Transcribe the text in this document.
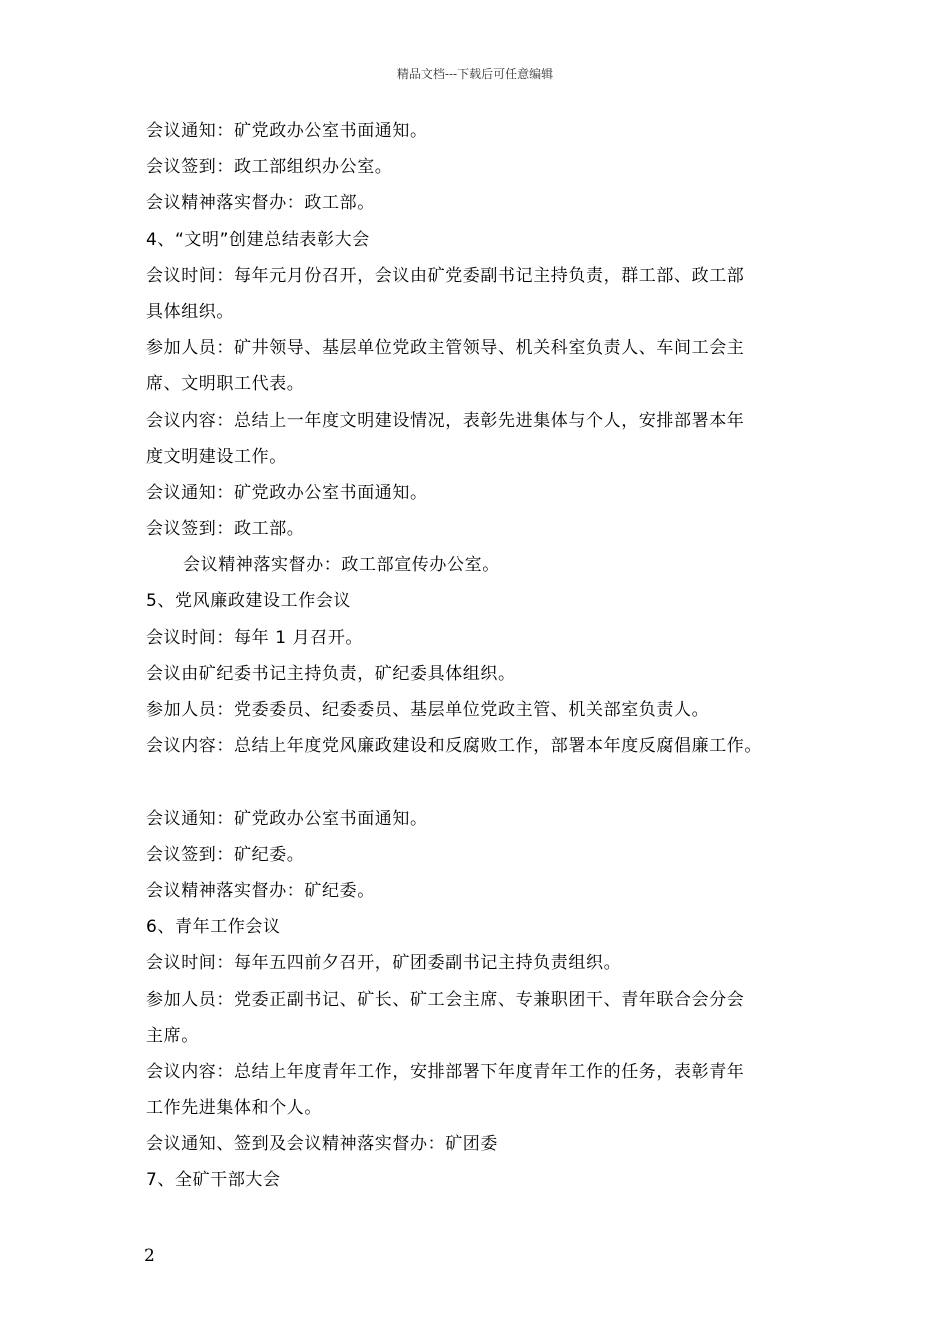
精品文档---下载后可任意编辑
会议通知：矿党政办公室书面通知。
会议签到：政工部组织办公室。
会议精神落实督办：政工部。
4、“文明”创建总结表彰大会
会议时间：每年元月份召开，会议由矿党委副书记主持负责，群工部、政工部
具体组织。
参加人员：矿井领导、基层单位党政主管领导、机关科室负责人、车间工会主
席、文明职工代表。
会议内容：总结上一年度文明建设情况，表彰先进集体与个人，安排部署本年
度文明建设工作。
会议通知：矿党政办公室书面通知。
会议签到：政工部。
会议精神落实督办：政工部宣传办公室。
5、党风廉政建设工作会议
会议时间：每年 1 月召开。
会议由矿纪委书记主持负责，矿纪委具体组织。
参加人员：党委委员、纪委委员、基层单位党政主管、机关部室负责人。
会议内容：总结上年度党风廉政建设和反腐败工作，部署本年度反腐倡廉工作。
会议通知：矿党政办公室书面通知。
会议签到：矿纪委。
会议精神落实督办：矿纪委。
6、青年工作会议
会议时间：每年五四前夕召开，矿团委副书记主持负责组织。
参加人员：党委正副书记、矿长、矿工会主席、专兼职团干、青年联合会分会
主席。
会议内容：总结上年度青年工作，安排部署下年度青年工作的任务，表彰青年
工作先进集体和个人。
会议通知、签到及会议精神落实督办：矿团委
7、全矿干部大会
2
